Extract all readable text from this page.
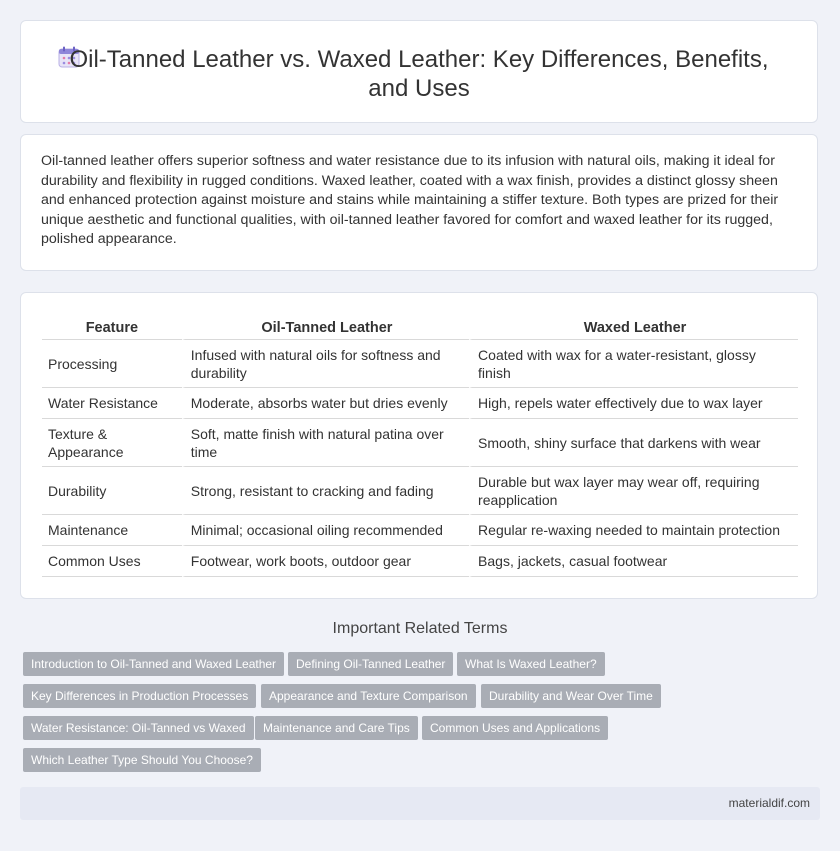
Oil-Tanned Leather vs. Waxed Leather: Key Differences, Benefits, and Uses

Oil-tanned leather offers superior softness and water resistance due to its infusion with natural oils, making it ideal for durability and flexibility in rugged conditions. Waxed leather, coated with a wax finish, provides a distinct glossy sheen and enhanced protection against moisture and stains while maintaining a stiffer texture. Both types are prized for their unique aesthetic and functional qualities, with oil-tanned leather favored for comfort and waxed leather for its rugged, polished appearance.

Feature	Oil-Tanned Leather	Waxed Leather
Processing	Infused with natural oils for softness and durability	Coated with wax for a water-resistant, glossy finish
Water Resistance	Moderate, absorbs water but dries evenly	High, repels water effectively due to wax layer
Texture & Appearance	Soft, matte finish with natural patina over time	Smooth, shiny surface that darkens with wear
Durability	Strong, resistant to cracking and fading	Durable but wax layer may wear off, requiring reapplication
Maintenance	Minimal; occasional oiling recommended	Regular re-waxing needed to maintain protection
Common Uses	Footwear, work boots, outdoor gear	Bags, jackets, casual footwear
Important Related Terms
Introduction to Oil-Tanned and Waxed Leather	Defining Oil-Tanned Leather	What Is Waxed Leather?
Key Differences in Production Processes	Appearance and Texture Comparison	Durability and Wear Over Time
Water Resistance: Oil-Tanned vs Waxed	Maintenance and Care Tips	Common Uses and Applications
Which Leather Type Should You Choose?
materialdif.com
